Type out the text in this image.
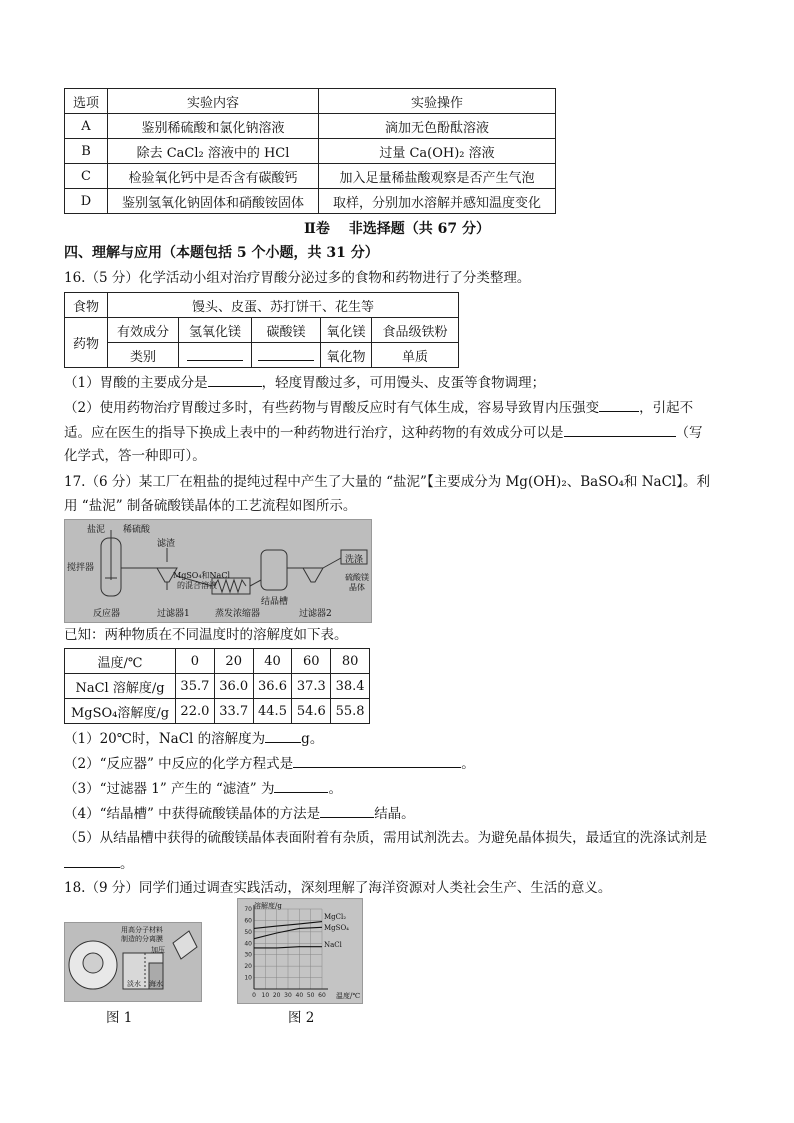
选项	实验内容	实验操作
A	鉴别稀硫酸和氯化钠溶液	滴加无色酚酞溶液
B	除去 CaCl₂ 溶液中的 HCl	过量 Ca(OH)₂ 溶液
C	检验氧化钙中是否含有碳酸钙	加入足量稀盐酸观察是否产生气泡
D	鉴别氢氧化钠固体和硝酸铵固体	取样，分别加水溶解并感知温度变化
Ⅱ卷　 非选择题（共 67 分）
四、理解与应用（本题包括 5 个小题，共 31 分）
16.（5 分）化学活动小组对治疗胃酸分泌过多的食物和药物进行了分类整理。
食物	馒头、皮蛋、苏打饼干、花生等				
药物	有效成分	氢氧化镁	碳酸镁	氧化镁	食品级铁粉
	类别			氧化物	单质
（1）胃酸的主要成分是	，轻度胃酸过多，可用馒头、皮蛋等食物调理；
（2）使用药物治疗胃酸过多时，有些药物与胃酸反应时有气体生成，容易导致胃内压强变	，引起不
适。应在医生的指导下换成上表中的一种药物进行治疗，这种药物的有效成分可以是	（写
化学式，答一种即可）。
17.（6 分）某工厂在粗盐的提纯过程中产生了大量的 “盐泥”【主要成分为 Mg(OH)₂、BaSO₄和 NaCl】。利
用 “盐泥” 制备硫酸镁晶体的工艺流程如图所示。
盐泥 稀硫酸
搅拌器
滤渣
MgSO₄和NaCl
的混合溶液
反应器	过滤器1	蒸发浓缩器
结晶槽
过滤器2
洗涤
硫酸镁
晶体
已知：两种物质在不同温度时的溶解度如下表。
温度/℃	0	20	40	60	80
NaCl 溶解度/g	35.7	36.0	36.6	37.3	38.4
MgSO₄溶解度/g	22.0	33.7	44.5	54.6	55.8
（1）20℃时，NaCl 的溶解度为	g。
（2）“反应器” 中反应的化学方程式是	。
（3）“过滤器 1” 产生的 “滤渣” 为	。
（4）“结晶槽” 中获得硫酸镁晶体的方法是	结晶。
（5）从结晶槽中获得的硫酸镁晶体表面附着有杂质，需用试剂洗去。为避免晶体损失，最适宜的洗涤试剂是
。
18.（9 分）同学们通过调查实践活动，深刻理解了海洋资源对人类社会生产、生活的意义。
用高分子材料
制造的分离膜
加压
淡水 海水
图 1
70
60
50
40
30
20
10
0 10 20 30 40 50 60
溶解度/g
温度/℃
MgCl₂
MgSO₄
NaCl
图 2
